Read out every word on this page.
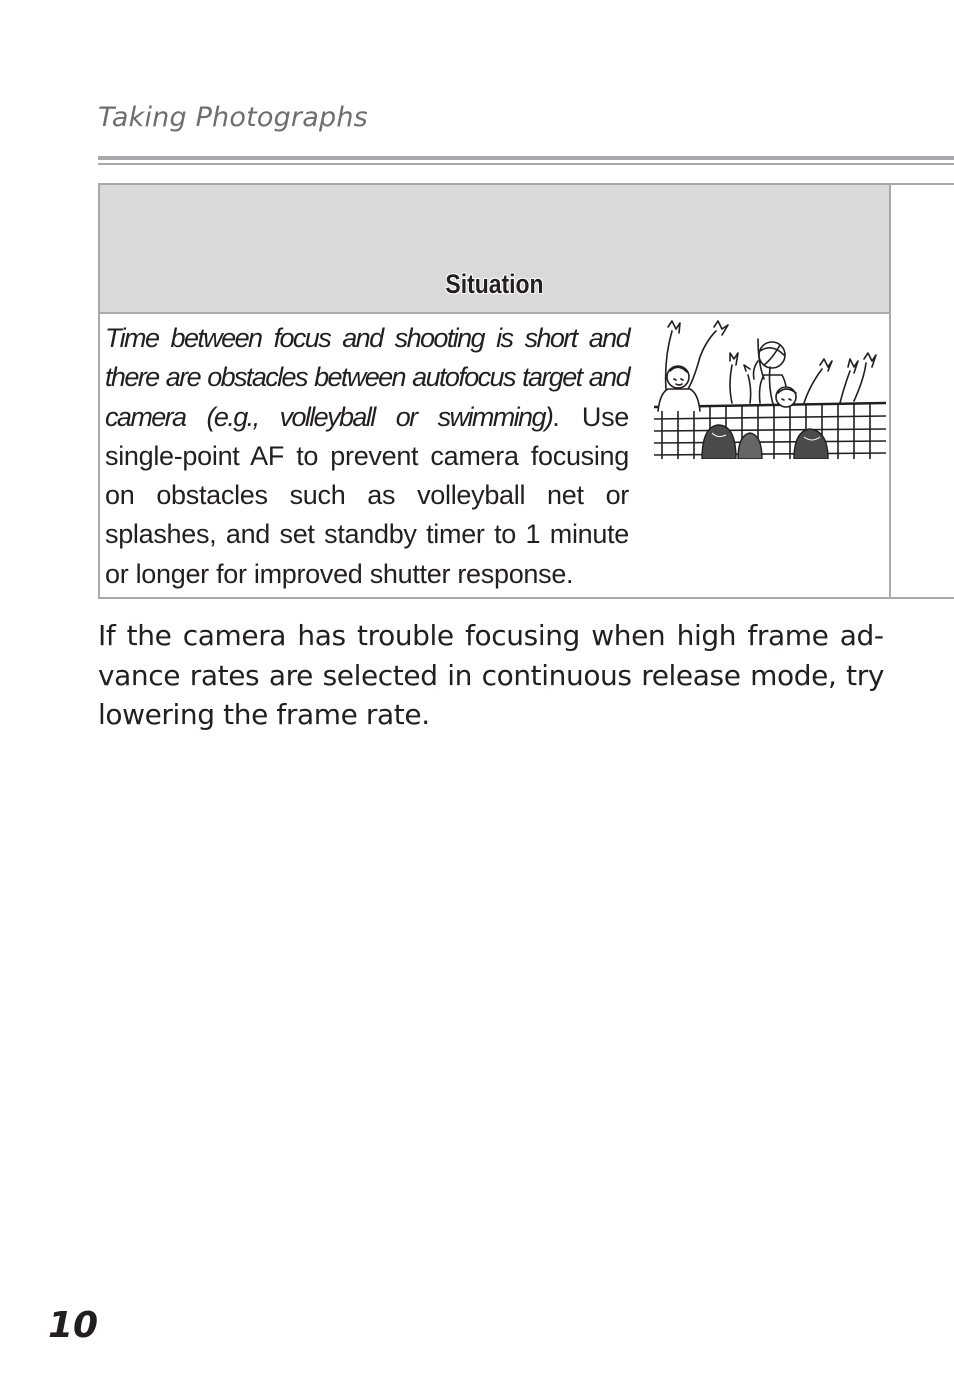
Taking Photographs
Situation
Time between focus and shooting is short and there are obstacles between autofocus target and camera (e.g., volleyball or swimming). Use single-point AF to prevent camera focusing on obstacles such as volleyball net or splashes, and set standby timer to 1 minute or longer for improved shutter response.
If the camera has trouble focusing when high frame advance rates are selected in continuous release mode, try lowering the frame rate.
10
